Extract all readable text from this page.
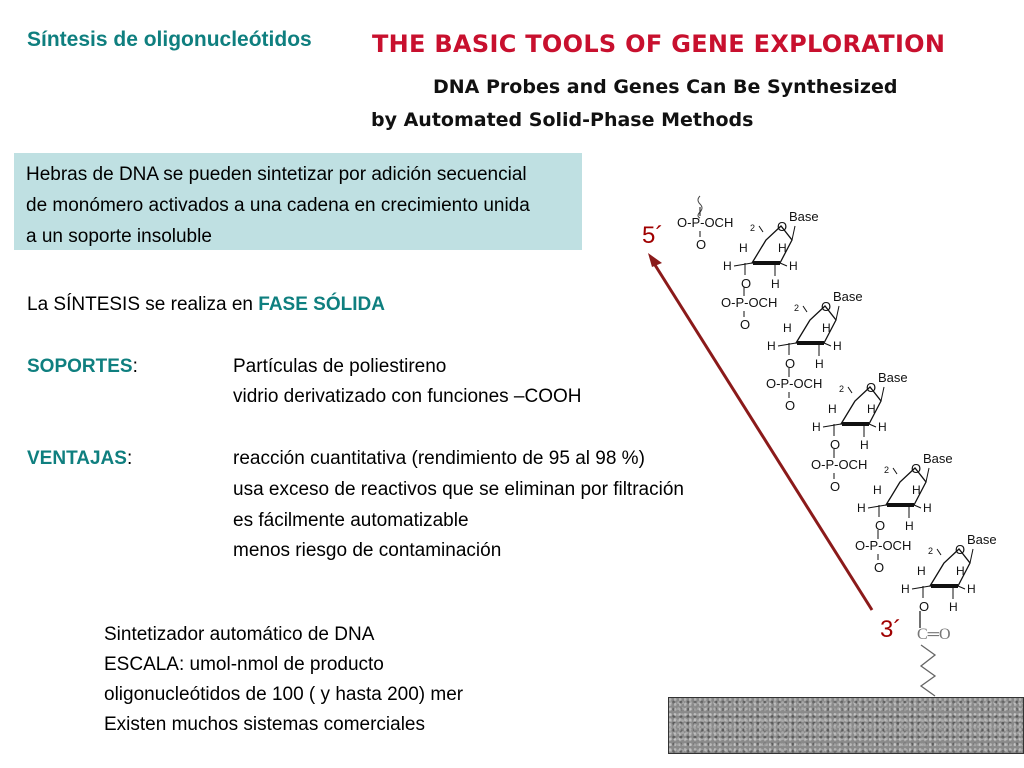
Síntesis de oligonucleótidos	THE BASIC TOOLS OF GENE EXPLORATION
DNA Probes and Genes Can Be Synthesized
by Automated Solid-Phase Methods
Hebras de DNA se pueden sintetizar por adición secuencial
de monómero activados a una cadena en crecimiento unida
a un soporte insoluble
La SÍNTESIS se realiza en FASE SÓLIDA
SOPORTES:	Partículas de poliestireno
vidrio derivatizado con funciones –COOH
VENTAJAS:	reacción cuantitativa (rendimiento de 95 al 98 %)
usa exceso de reactivos que se eliminan por filtración
es fácilmente automatizable
menos riesgo de contaminación
Sintetizador automático de DNA
ESCALA: umol-nmol de producto
oligonucleótidos de 100 ( y hasta 200) mer
Existen muchos sistemas comerciales
O-P-OCH 2
O
O
Base
H	H
H	H
O H
O-P-OCH 2
O
O
Base
H	H
H	H
O H
O-P-OCH 2
O
O
Base
H	H
H	H
O H
O-P-OCH 2
O
O
Base
H	H
H	H
O H
O-P-OCH 2
O
O
Base
H	H
H	H
O H
C═O
5´
3´
